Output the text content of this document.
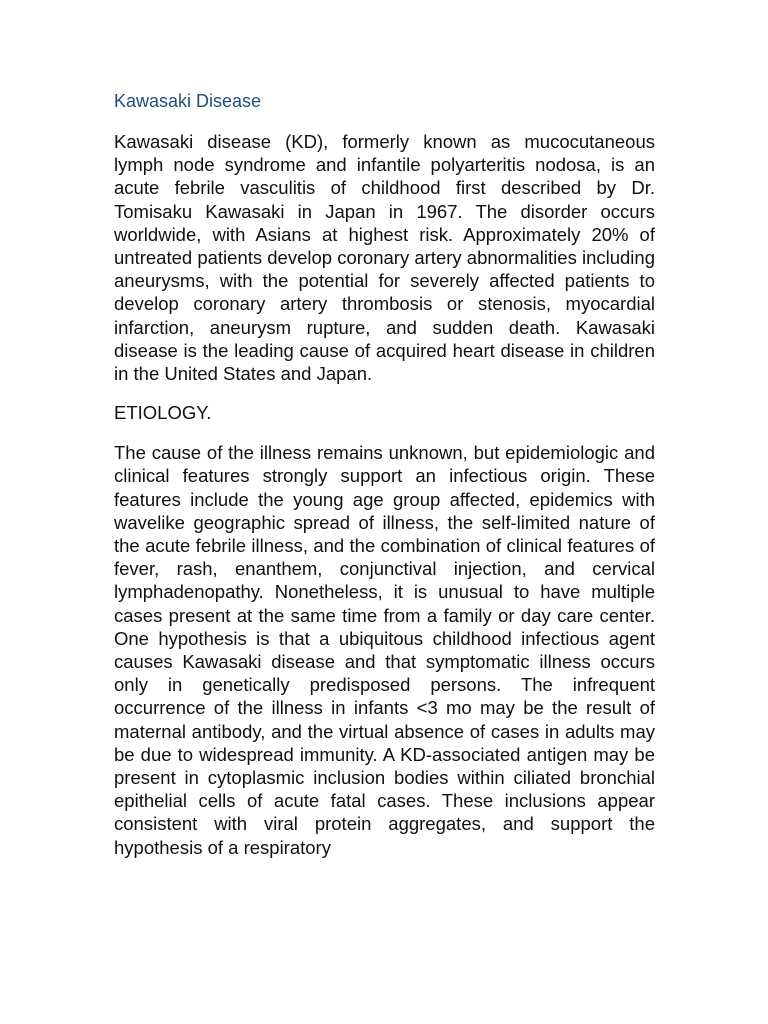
Kawasaki Disease

Kawasaki disease (KD), formerly known as mucocutaneous lymph node syndrome and infantile polyarteritis nodosa, is an acute febrile vasculitis of childhood first described by Dr. Tomisaku Kawasaki in Japan in 1967. The disorder occurs worldwide, with Asians at highest risk. Approximately 20% of untreated patients develop coronary artery abnormalities including aneurysms, with the potential for severely affected patients to develop coronary artery thrombosis or stenosis, myocardial infarction, aneurysm rupture, and sudden death. Kawasaki disease is the leading cause of acquired heart disease in children in the United States and Japan.

ETIOLOGY.

The cause of the illness remains unknown, but epidemiologic and clinical features strongly support an infectious origin. These features include the young age group affected, epidemics with wavelike geographic spread of illness, the self-limited nature of the acute febrile illness, and the combination of clinical features of fever, rash, enanthem, conjunctival injection, and cervical lymphadenopathy. Nonetheless, it is unusual to have multiple cases present at the same time from a family or day care center. One hypothesis is that a ubiquitous childhood infectious agent causes Kawasaki disease and that symptomatic illness occurs only in genetically predisposed persons. The infrequent occurrence of the illness in infants <3 mo may be the result of maternal antibody, and the virtual absence of cases in adults may be due to widespread immunity. A KD-associated antigen may be present in cytoplasmic inclusion bodies within ciliated bronchial epithelial cells of acute fatal cases. These inclusions appear consistent with viral protein aggregates, and support the hypothesis of a respiratory
